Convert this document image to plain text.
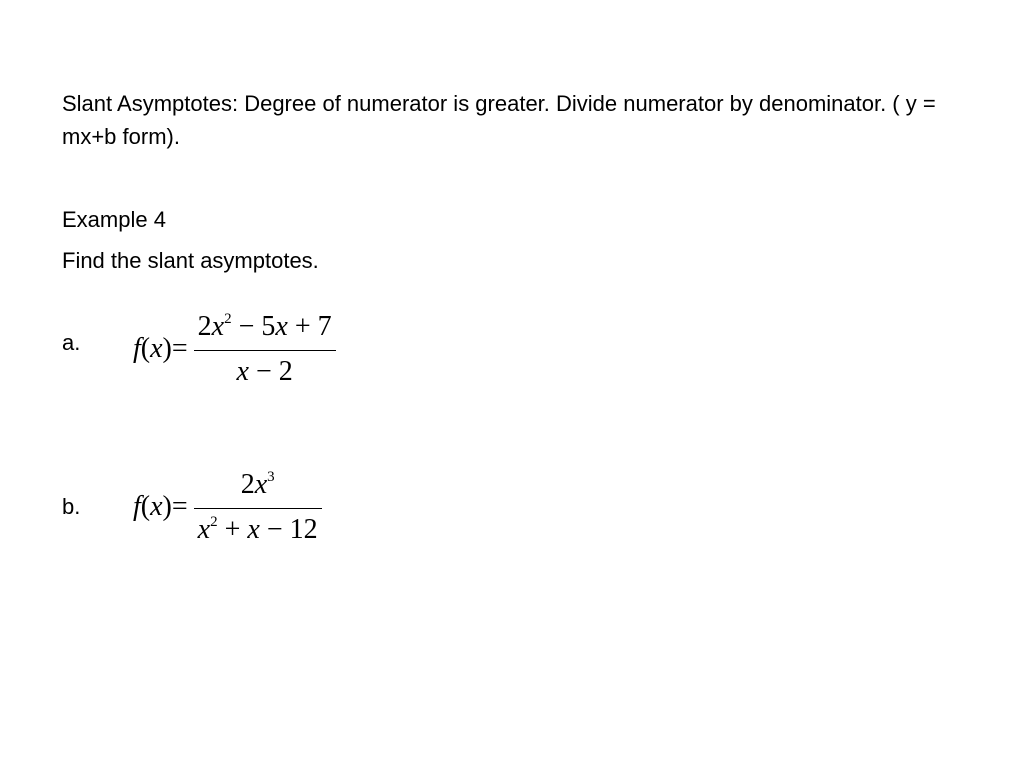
Slant Asymptotes: Degree of numerator is greater. Divide numerator by denominator. ( y = mx+b form).
Example 4
Find the slant asymptotes.
a. f ( x ) = $\frac{2x^2 - 5x + 7}{x - 2}$
b. f ( x ) = $\frac{2x^3}{x^2 + x - 12}$
